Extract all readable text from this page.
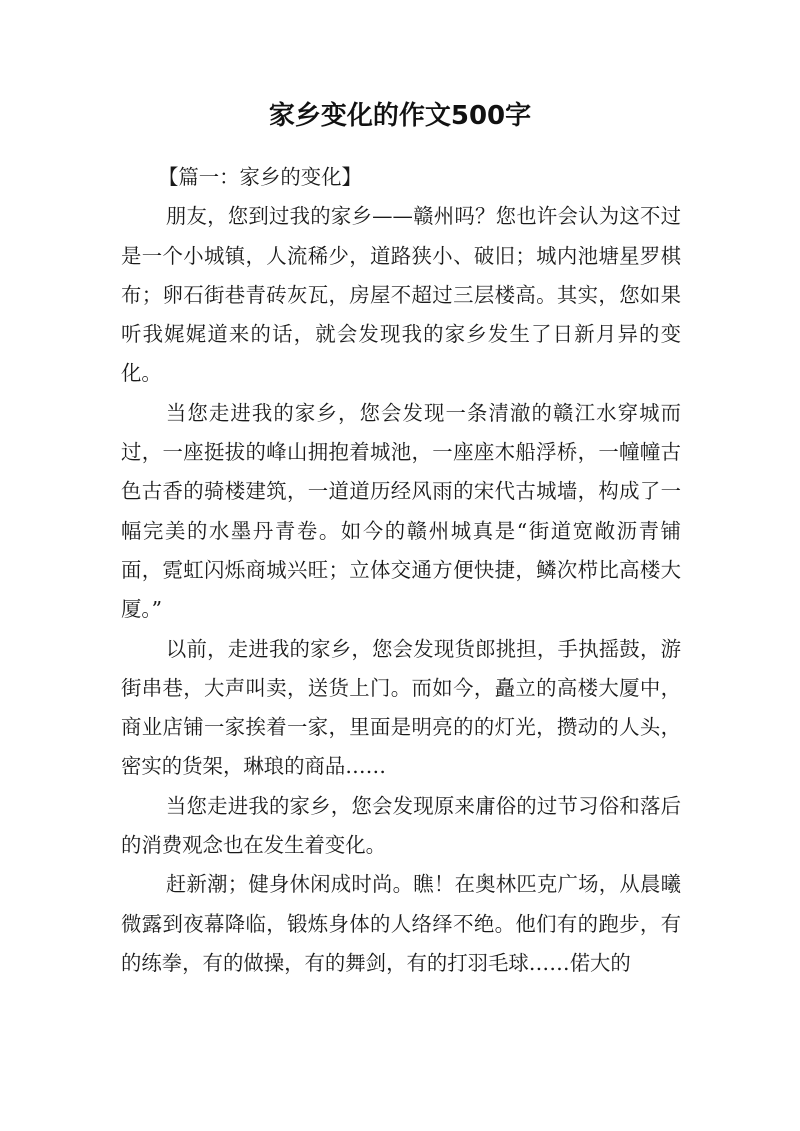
家乡变化的作文500字

【篇一：家乡的变化】

朋友，您到过我的家乡——赣州吗？您也许会认为这不过是一个小城镇，人流稀少，道路狭小、破旧；城内池塘星罗棋布；卵石街巷青砖灰瓦，房屋不超过三层楼高。其实，您如果听我娓娓道来的话，就会发现我的家乡发生了日新月异的变化。

当您走进我的家乡，您会发现一条清澈的赣江水穿城而过，一座挺拔的峰山拥抱着城池，一座座木船浮桥，一幢幢古色古香的骑楼建筑，一道道历经风雨的宋代古城墙，构成了一幅完美的水墨丹青卷。如今的赣州城真是“街道宽敞沥青铺面，霓虹闪烁商城兴旺；立体交通方便快捷，鳞次栉比高楼大厦。”

以前，走进我的家乡，您会发现货郎挑担，手执摇鼓，游街串巷，大声叫卖，送货上门。而如今，矗立的高楼大厦中，商业店铺一家挨着一家，里面是明亮的的灯光，攒动的人头，密实的货架，琳琅的商品……

当您走进我的家乡，您会发现原来庸俗的过节习俗和落后的消费观念也在发生着变化。

赶新潮；健身休闲成时尚。瞧！在奥林匹克广场，从晨曦微露到夜幕降临，锻炼身体的人络绎不绝。他们有的跑步，有的练拳，有的做操，有的舞剑，有的打羽毛球……偌大的
